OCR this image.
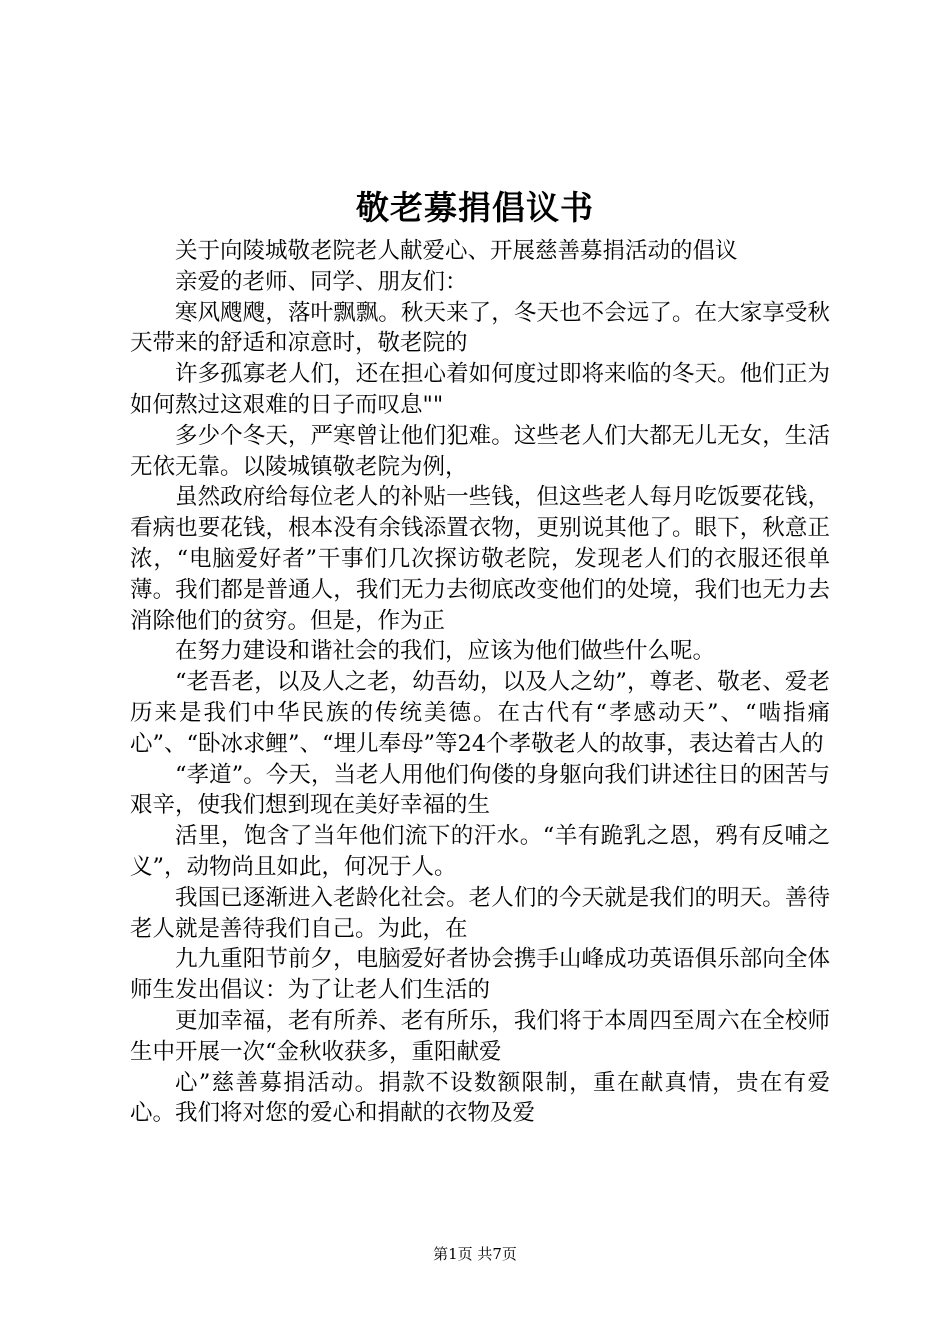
敬老募捐倡议书

关于向陵城敬老院老人献爱心、开展慈善募捐活动的倡议

亲爱的老师、同学、朋友们：

寒风飕飕，落叶飘飘。秋天来了，冬天也不会远了。在大家享受秋天带来的舒适和凉意时，敬老院的

许多孤寡老人们，还在担心着如何度过即将来临的冬天。他们正为如何熬过这艰难的日子而叹息""

多少个冬天，严寒曾让他们犯难。这些老人们大都无儿无女，生活无依无靠。以陵城镇敬老院为例，

虽然政府给每位老人的补贴一些钱，但这些老人每月吃饭要花钱，看病也要花钱，根本没有余钱添置衣物，更别说其他了。眼下，秋意正浓，“电脑爱好者”干事们几次探访敬老院，发现老人们的衣服还很单薄。我们都是普通人，我们无力去彻底改变他们的处境，我们也无力去消除他们的贫穷。但是，作为正

在努力建设和谐社会的我们，应该为他们做些什么呢。

“老吾老，以及人之老，幼吾幼，以及人之幼”，尊老、敬老、爱老历来是我们中华民族的传统美德。在古代有“孝感动天”、“啮指痛心”、“卧冰求鲤”、“埋儿奉母”等24个孝敬老人的故事，表达着古人的

“孝道”。今天，当老人用他们佝偻的身躯向我们讲述往日的困苦与艰辛，使我们想到现在美好幸福的生

活里，饱含了当年他们流下的汗水。“羊有跪乳之恩，鸦有反哺之义”，动物尚且如此，何况于人。

我国已逐渐进入老龄化社会。老人们的今天就是我们的明天。善待老人就是善待我们自己。为此，在

九九重阳节前夕，电脑爱好者协会携手山峰成功英语俱乐部向全体师生发出倡议：为了让老人们生活的

更加幸福，老有所养、老有所乐，我们将于本周四至周六在全校师生中开展一次“金秋收获多，重阳献爱

心”慈善募捐活动。捐款不设数额限制，重在献真情，贵在有爱心。我们将对您的爱心和捐献的衣物及爱

第1页 共7页
